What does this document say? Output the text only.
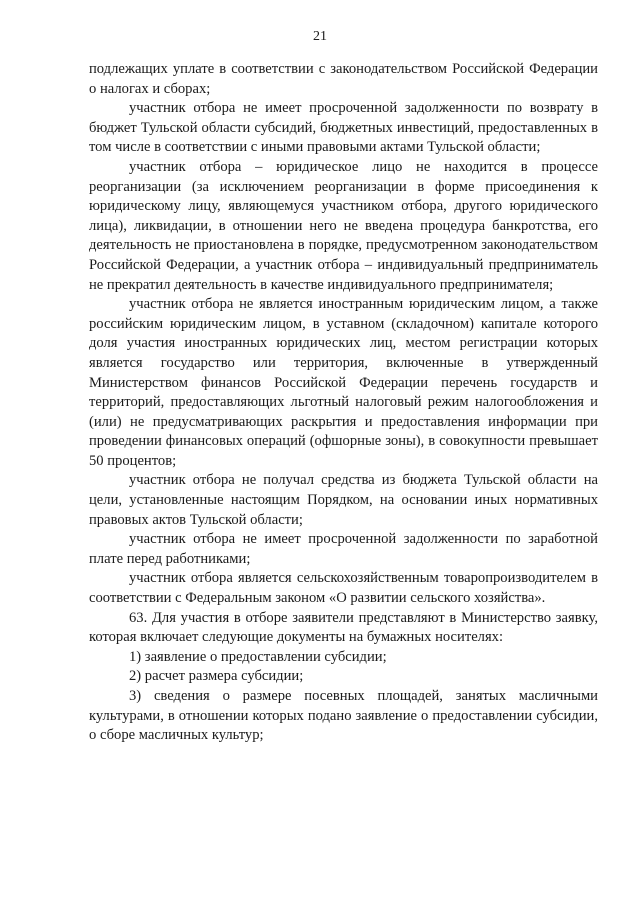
21

подлежащих уплате в соответствии с законодательством Российской Федерации о налогах и сборах;

участник отбора не имеет просроченной задолженности по возврату в бюджет Тульской области субсидий, бюджетных инвестиций, предоставленных в том числе в соответствии с иными правовыми актами Тульской области;

участник отбора – юридическое лицо не находится в процессе реорганизации (за исключением реорганизации в форме присоединения к юридическому лицу, являющемуся участником отбора, другого юридического лица), ликвидации, в отношении него не введена процедура банкротства, его деятельность не приостановлена в порядке, предусмотренном законодательством Российской Федерации, а участник отбора – индивидуальный предприниматель не прекратил деятельность в качестве индивидуального предпринимателя;

участник отбора не является иностранным юридическим лицом, а также российским юридическим лицом, в уставном (складочном) капитале которого доля участия иностранных юридических лиц, местом регистрации которых является государство или территория, включенные в утвержденный Министерством финансов Российской Федерации перечень государств и территорий, предоставляющих льготный налоговый режим налогообложения и (или) не предусматривающих раскрытия и предоставления информации при проведении финансовых операций (офшорные зоны), в совокупности превышает 50 процентов;

участник отбора не получал средства из бюджета Тульской области на цели, установленные настоящим Порядком, на основании иных нормативных правовых актов Тульской области;

участник отбора не имеет просроченной задолженности по заработной плате перед работниками;

участник отбора является сельскохозяйственным товаропроизводителем в соответствии с Федеральным законом «О развитии сельского хозяйства».

63. Для участия в отборе заявители представляют в Министерство заявку, которая включает следующие документы на бумажных носителях:

1) заявление о предоставлении субсидии;

2) расчет размера субсидии;

3) сведения о размере посевных площадей, занятых масличными культурами, в отношении которых подано заявление о предоставлении субсидии, о сборе масличных культур;
